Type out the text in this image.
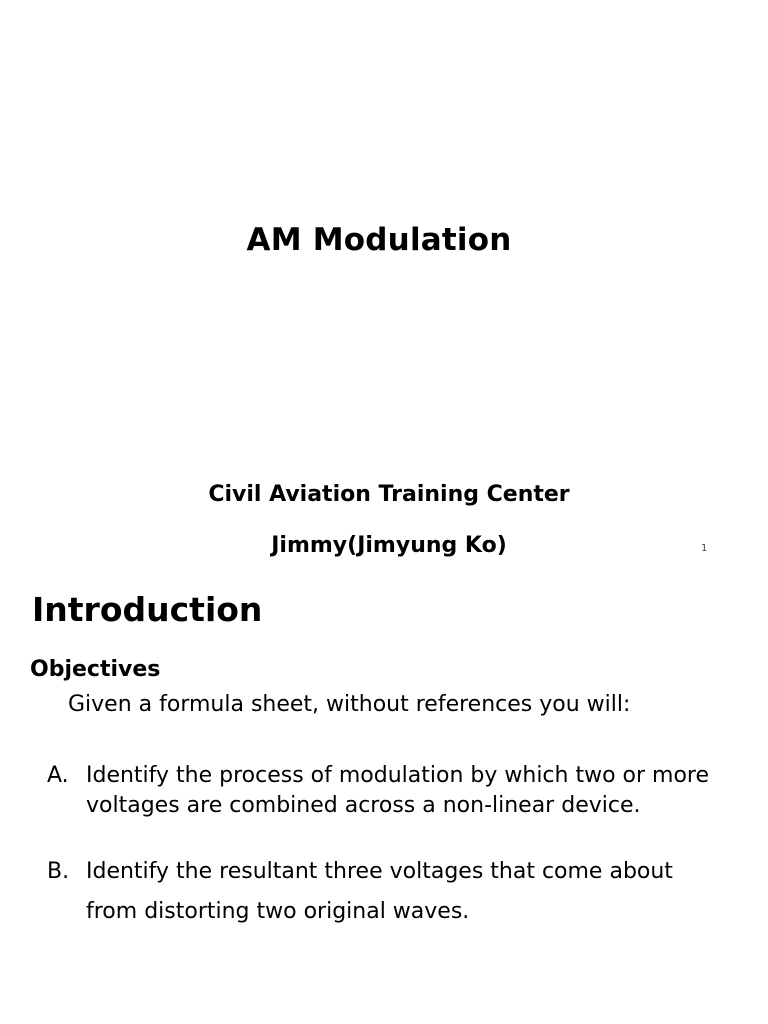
AM Modulation
Civil Aviation Training Center
Jimmy(Jimyung Ko)	1
Introduction
Objectives
Given a formula sheet, without references you will:
A. Identify the process of modulation by which two or more
voltages are combined across a non-linear device.
B. Identify the resultant three voltages that come about
from distorting two original waves.
